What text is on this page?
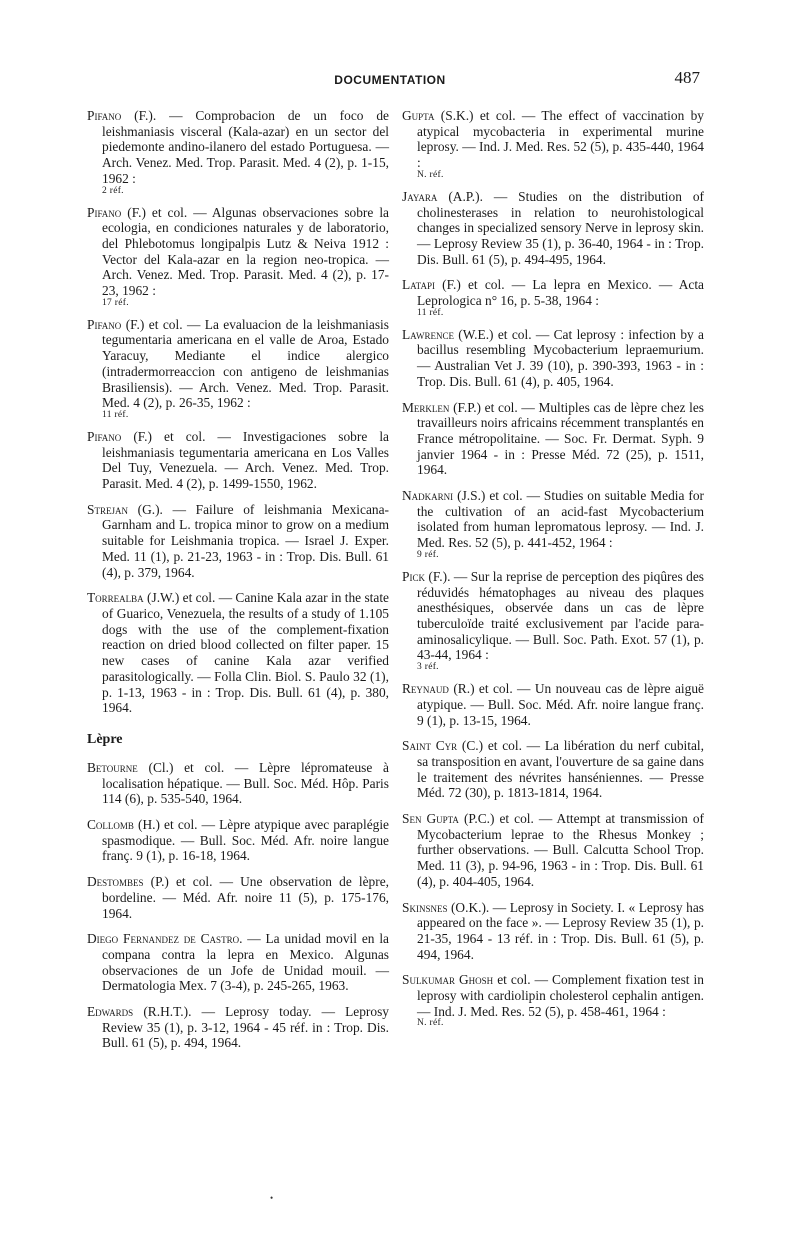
DOCUMENTATION	487

Pifano (F.). — Comprobacion de un foco de leishmaniasis visceral (Kala-azar) en un sector del piedemonte andino-ilanero del estado Portuguesa. — Arch. Venez. Med. Trop. Parasit. Med. 4 (2), p. 1-15, 1962 :
2 réf.

Pifano (F.) et col. — Algunas observaciones sobre la ecologia, en condiciones naturales y de laboratorio, del Phlebotomus longipalpis Lutz & Neiva 1912 : Vector del Kala-azar en la region neo-tropica. — Arch. Venez. Med. Trop. Parasit. Med. 4 (2), p. 17-23, 1962 :
17 réf.

Pifano (F.) et col. — La evaluacion de la leishmaniasis tegumentaria americana en el valle de Aroa, Estado Yaracuy, Mediante el indice alergico (intradermorreaccion con antigeno de leishmanias Brasiliensis). — Arch. Venez. Med. Trop. Parasit. Med. 4 (2), p. 26-35, 1962 :
11 réf.

Pifano (F.) et col. — Investigaciones sobre la leishmaniasis tegumentaria americana en Los Valles Del Tuy, Venezuela. — Arch. Venez. Med. Trop. Parasit. Med. 4 (2), p. 1499-1550, 1962.

Strejan (G.). — Failure of leishmania Mexicana-Garnham and L. tropica minor to grow on a medium suitable for Leishmania tropica. — Israel J. Exper. Med. 11 (1), p. 21-23, 1963 - in : Trop. Dis. Bull. 61 (4), p. 379, 1964.

Torrealba (J.W.) et col. — Canine Kala azar in the state of Guarico, Venezuela, the results of a study of 1.105 dogs with the use of the complement-fixation reaction on dried blood collected on filter paper. 15 new cases of canine Kala azar verified parasitologically. — Folla Clin. Biol. S. Paulo 32 (1), p. 1-13, 1963 - in : Trop. Dis. Bull. 61 (4), p. 380, 1964.

Lèpre

Betourne (Cl.) et col. — Lèpre lépromateuse à localisation hépatique. — Bull. Soc. Méd. Hôp. Paris 114 (6), p. 535-540, 1964.

Collomb (H.) et col. — Lèpre atypique avec paraplégie spasmodique. — Bull. Soc. Méd. Afr. noire langue franç. 9 (1), p. 16-18, 1964.

Destombes (P.) et col. — Une observation de lèpre, bordeline. — Méd. Afr. noire 11 (5), p. 175-176, 1964.

Diego Fernandez de Castro. — La unidad movil en la compana contra la lepra en Mexico. Algunas observaciones de un Jofe de Unidad mouil. — Dermatologia Mex. 7 (3-4), p. 245-265, 1963.

Edwards (R.H.T.). — Leprosy today. — Leprosy Review 35 (1), p. 3-12, 1964 - 45 réf. in : Trop. Dis. Bull. 61 (5), p. 494, 1964.

Gupta (S.K.) et col. — The effect of vaccination by atypical mycobacteria in experimental murine leprosy. — Ind. J. Med. Res. 52 (5), p. 435-440, 1964 :
N. réf.

Jayara (A.P.). — Studies on the distribution of cholinesterases in relation to neurohistological changes in specialized sensory Nerve in leprosy skin. — Leprosy Review 35 (1), p. 36-40, 1964 - in : Trop. Dis. Bull. 61 (5), p. 494-495, 1964.

Latapi (F.) et col. — La lepra en Mexico. — Acta Leprologica n° 16, p. 5-38, 1964 :
11 réf.

Lawrence (W.E.) et col. — Cat leprosy : infection by a bacillus resembling Mycobacterium lepraemurium. — Australian Vet J. 39 (10), p. 390-393, 1963 - in : Trop. Dis. Bull. 61 (4), p. 405, 1964.

Merklen (F.P.) et col. — Multiples cas de lèpre chez les travailleurs noirs africains récemment transplantés en France métropolitaine. — Soc. Fr. Dermat. Syph. 9 janvier 1964 - in : Presse Méd. 72 (25), p. 1511, 1964.

Nadkarni (J.S.) et col. — Studies on suitable Media for the cultivation of an acid-fast Mycobacterium isolated from human lepromatous leprosy. — Ind. J. Med. Res. 52 (5), p. 441-452, 1964 :
9 réf.

Pick (F.). — Sur la reprise de perception des piqûres des réduvidés hématophages au niveau des plaques anesthésiques, observée dans un cas de lèpre tuberculoïde traité exclusivement par l'acide para-aminosalicylique. — Bull. Soc. Path. Exot. 57 (1), p. 43-44, 1964 :
3 réf.

Reynaud (R.) et col. — Un nouveau cas de lèpre aiguë atypique. — Bull. Soc. Méd. Afr. noire langue franç. 9 (1), p. 13-15, 1964.

Saint Cyr (C.) et col. — La libération du nerf cubital, sa transposition en avant, l'ouverture de sa gaine dans le traitement des névrites hanséniennes. — Presse Méd. 72 (30), p. 1813-1814, 1964.

Sen Gupta (P.C.) et col. — Attempt at transmission of Mycobacterium leprae to the Rhesus Monkey ; further observations. — Bull. Calcutta School Trop. Med. 11 (3), p. 94-96, 1963 - in : Trop. Dis. Bull. 61 (4), p. 404-405, 1964.

Skinsnes (O.K.). — Leprosy in Society. I. « Leprosy has appeared on the face ». — Leprosy Review 35 (1), p. 21-35, 1964 - 13 réf. in : Trop. Dis. Bull. 61 (5), p. 494, 1964.

Sulkumar Ghosh et col. — Complement fixation test in leprosy with cardiolipin cholesterol cephalin antigen. — Ind. J. Med. Res. 52 (5), p. 458-461, 1964 :
N. réf.

•
